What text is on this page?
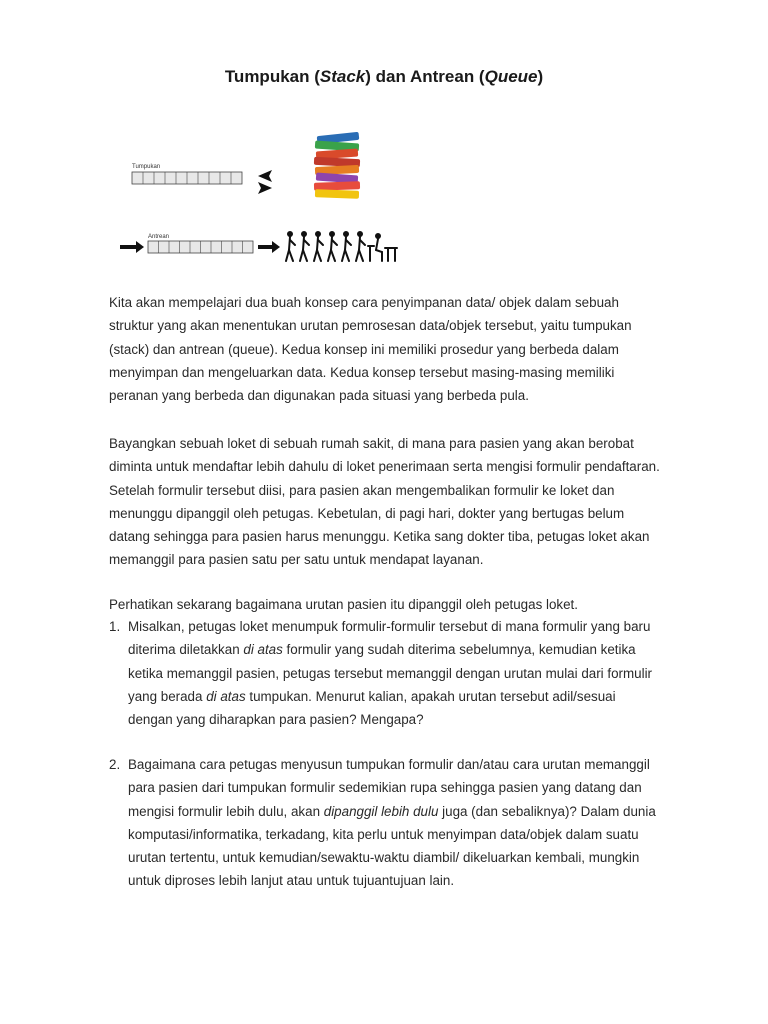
Tumpukan (Stack) dan Antrean (Queue)
Tumpukan
Antrean

Kita akan mempelajari dua buah konsep cara penyimpanan data/ objek dalam sebuah

struktur yang akan menentukan urutan pemrosesan data/objek tersebut, yaitu tumpukan

(stack) dan antrean (queue). Kedua konsep ini memiliki prosedur yang berbeda dalam

menyimpan dan mengeluarkan data. Kedua konsep tersebut masing-masing memiliki

peranan yang berbeda dan digunakan pada situasi yang berbeda pula.

Bayangkan sebuah loket di sebuah rumah sakit, di mana para pasien yang akan berobat

diminta untuk mendaftar lebih dahulu di loket penerimaan serta mengisi formulir pendaftaran.

Setelah formulir tersebut diisi, para pasien akan mengembalikan formulir ke loket dan

menunggu dipanggil oleh petugas. Kebetulan, di pagi hari, dokter yang bertugas belum

datang sehingga para pasien harus menunggu. Ketika sang dokter tiba, petugas loket akan

memanggil para pasien satu per satu untuk mendapat layanan.

Perhatikan sekarang bagaimana urutan pasien itu dipanggil oleh petugas loket.

1. Misalkan, petugas loket menumpuk formulir-formulir tersebut di mana formulir yang baru
diterima diletakkan di atas formulir yang sudah diterima sebelumnya, kemudian ketika
ketika memanggil pasien, petugas tersebut memanggil dengan urutan mulai dari formulir
yang berada di atas tumpukan. Menurut kalian, apakah urutan tersebut adil/sesuai
dengan yang diharapkan para pasien? Mengapa?
2. Bagaimana cara petugas menyusun tumpukan formulir dan/atau cara urutan memanggil
para pasien dari tumpukan formulir sedemikian rupa sehingga pasien yang datang dan
mengisi formulir lebih dulu, akan dipanggil lebih dulu juga (dan sebaliknya)? Dalam dunia
komputasi/informatika, terkadang, kita perlu untuk menyimpan data/objek dalam suatu
urutan tertentu, untuk kemudian/sewaktu-waktu diambil/ dikeluarkan kembali, mungkin
untuk diproses lebih lanjut atau untuk tujuantujuan lain.
